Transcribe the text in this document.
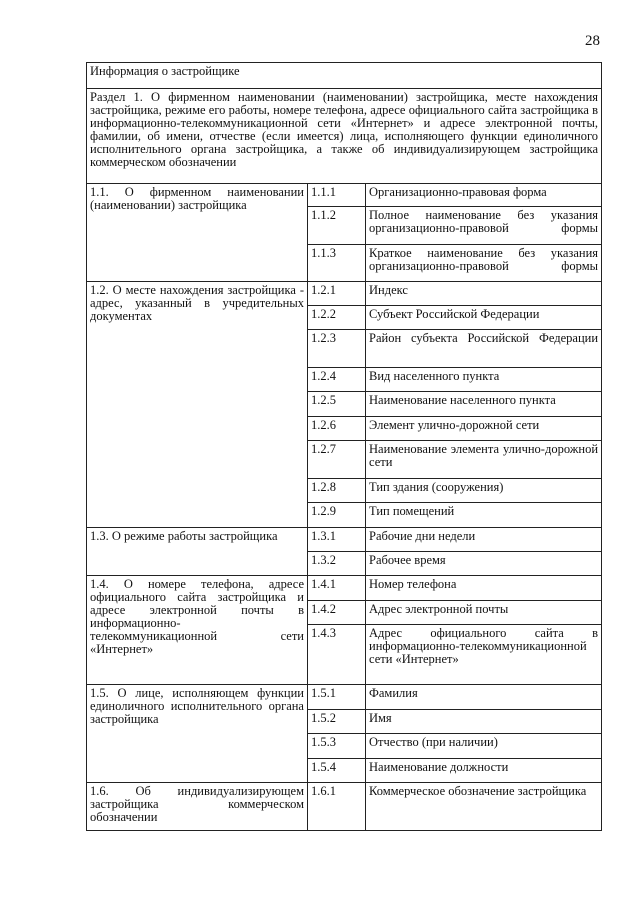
28
Информация о застройщике		
Раздел 1. О фирменном наименовании (наименовании) застройщика, месте нахождения застройщика, режиме его работы, номере телефона, адресе официального сайта застройщика в информационно-телекоммуникационной сети «Интернет» и адресе электронной почты, фамилии, об имени, отчестве (если имеется) лица, исполняющего функции единоличного исполнительного органа застройщика, а также об индивидуализирующем застройщика коммерческом обозначении		
1.1. О фирменном наименовании (наименовании) застройщика	1.1.1	Организационно-правовая форма
	1.1.2	Полное наименование без указания организационно-правовой формы
	1.1.3	Краткое наименование без указания организационно-правовой формы
1.2. О месте нахождения застройщика - адрес, указанный в учредительных документах	1.2.1	Индекс
	1.2.2	Субъект Российской Федерации
	1.2.3	Район субъекта Российской Федерации
	1.2.4	Вид населенного пункта
	1.2.5	Наименование населенного пункта
	1.2.6	Элемент улично-дорожной сети
	1.2.7	Наименование элемента улично-дорожной сети
	1.2.8	Тип здания (сооружения)
	1.2.9	Тип помещений
1.3. О режиме работы застройщика	1.3.1	Рабочие дни недели
	1.3.2	Рабочее время
1.4. О номере телефона, адресе официального сайта застройщика и адресе электронной почты в информационно-телекоммуникационной сети «Интернет»	1.4.1	Номер телефона
	1.4.2	Адрес электронной почты
	1.4.3	Адрес официального сайта в информационно-телекоммуникационной сети «Интернет»
1.5. О лице, исполняющем функции единоличного исполнительного органа застройщика	1.5.1	Фамилия
	1.5.2	Имя
	1.5.3	Отчество (при наличии)
	1.5.4	Наименование должности
1.6. Об индивидуализирующем застройщика коммерческом обозначении	1.6.1	Коммерческое обозначение застройщика
